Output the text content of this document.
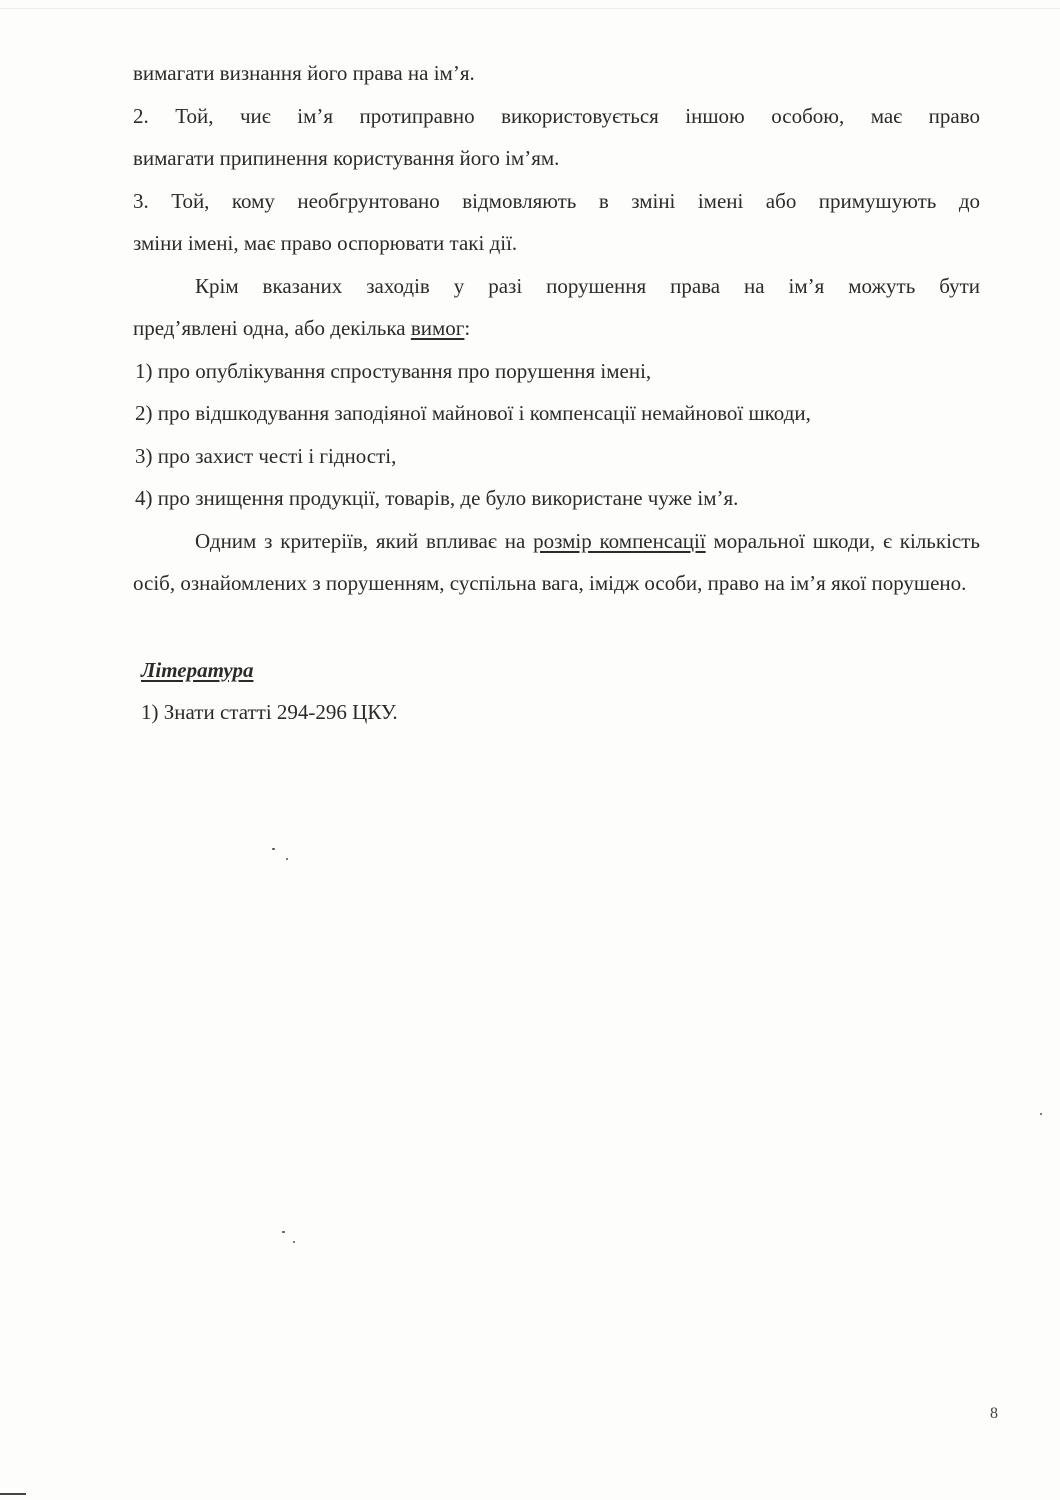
вимагати визнання його права на ім’я.
2. Той, чиє ім’я протиправно використовується іншою особою, має право
вимагати припинення користування його ім’ям.
3. Той, кому необгрунтовано відмовляють в зміні імені або примушують до
зміни імені, має право оспорювати такі дії.
Крім вказаних заходів у разі порушення права на ім’я можуть бути
пред’явлені одна, або декілька вимог:
1) про опублікування спростування про порушення імені,
2) про відшкодування заподіяної майнової і компенсації немайнової шкоди,
3) про захист честі і гідності,
4) про знищення продукції, товарів, де було використане чуже ім’я.
Одним з критеріїв, який впливає на розмір компенсації моральної шкоди, є кількість осіб, ознайомлених з порушенням, суспільна вага, імідж особи, право на ім’я якої порушено.
Література
1) Знати статті 294-296 ЦКУ.
8
